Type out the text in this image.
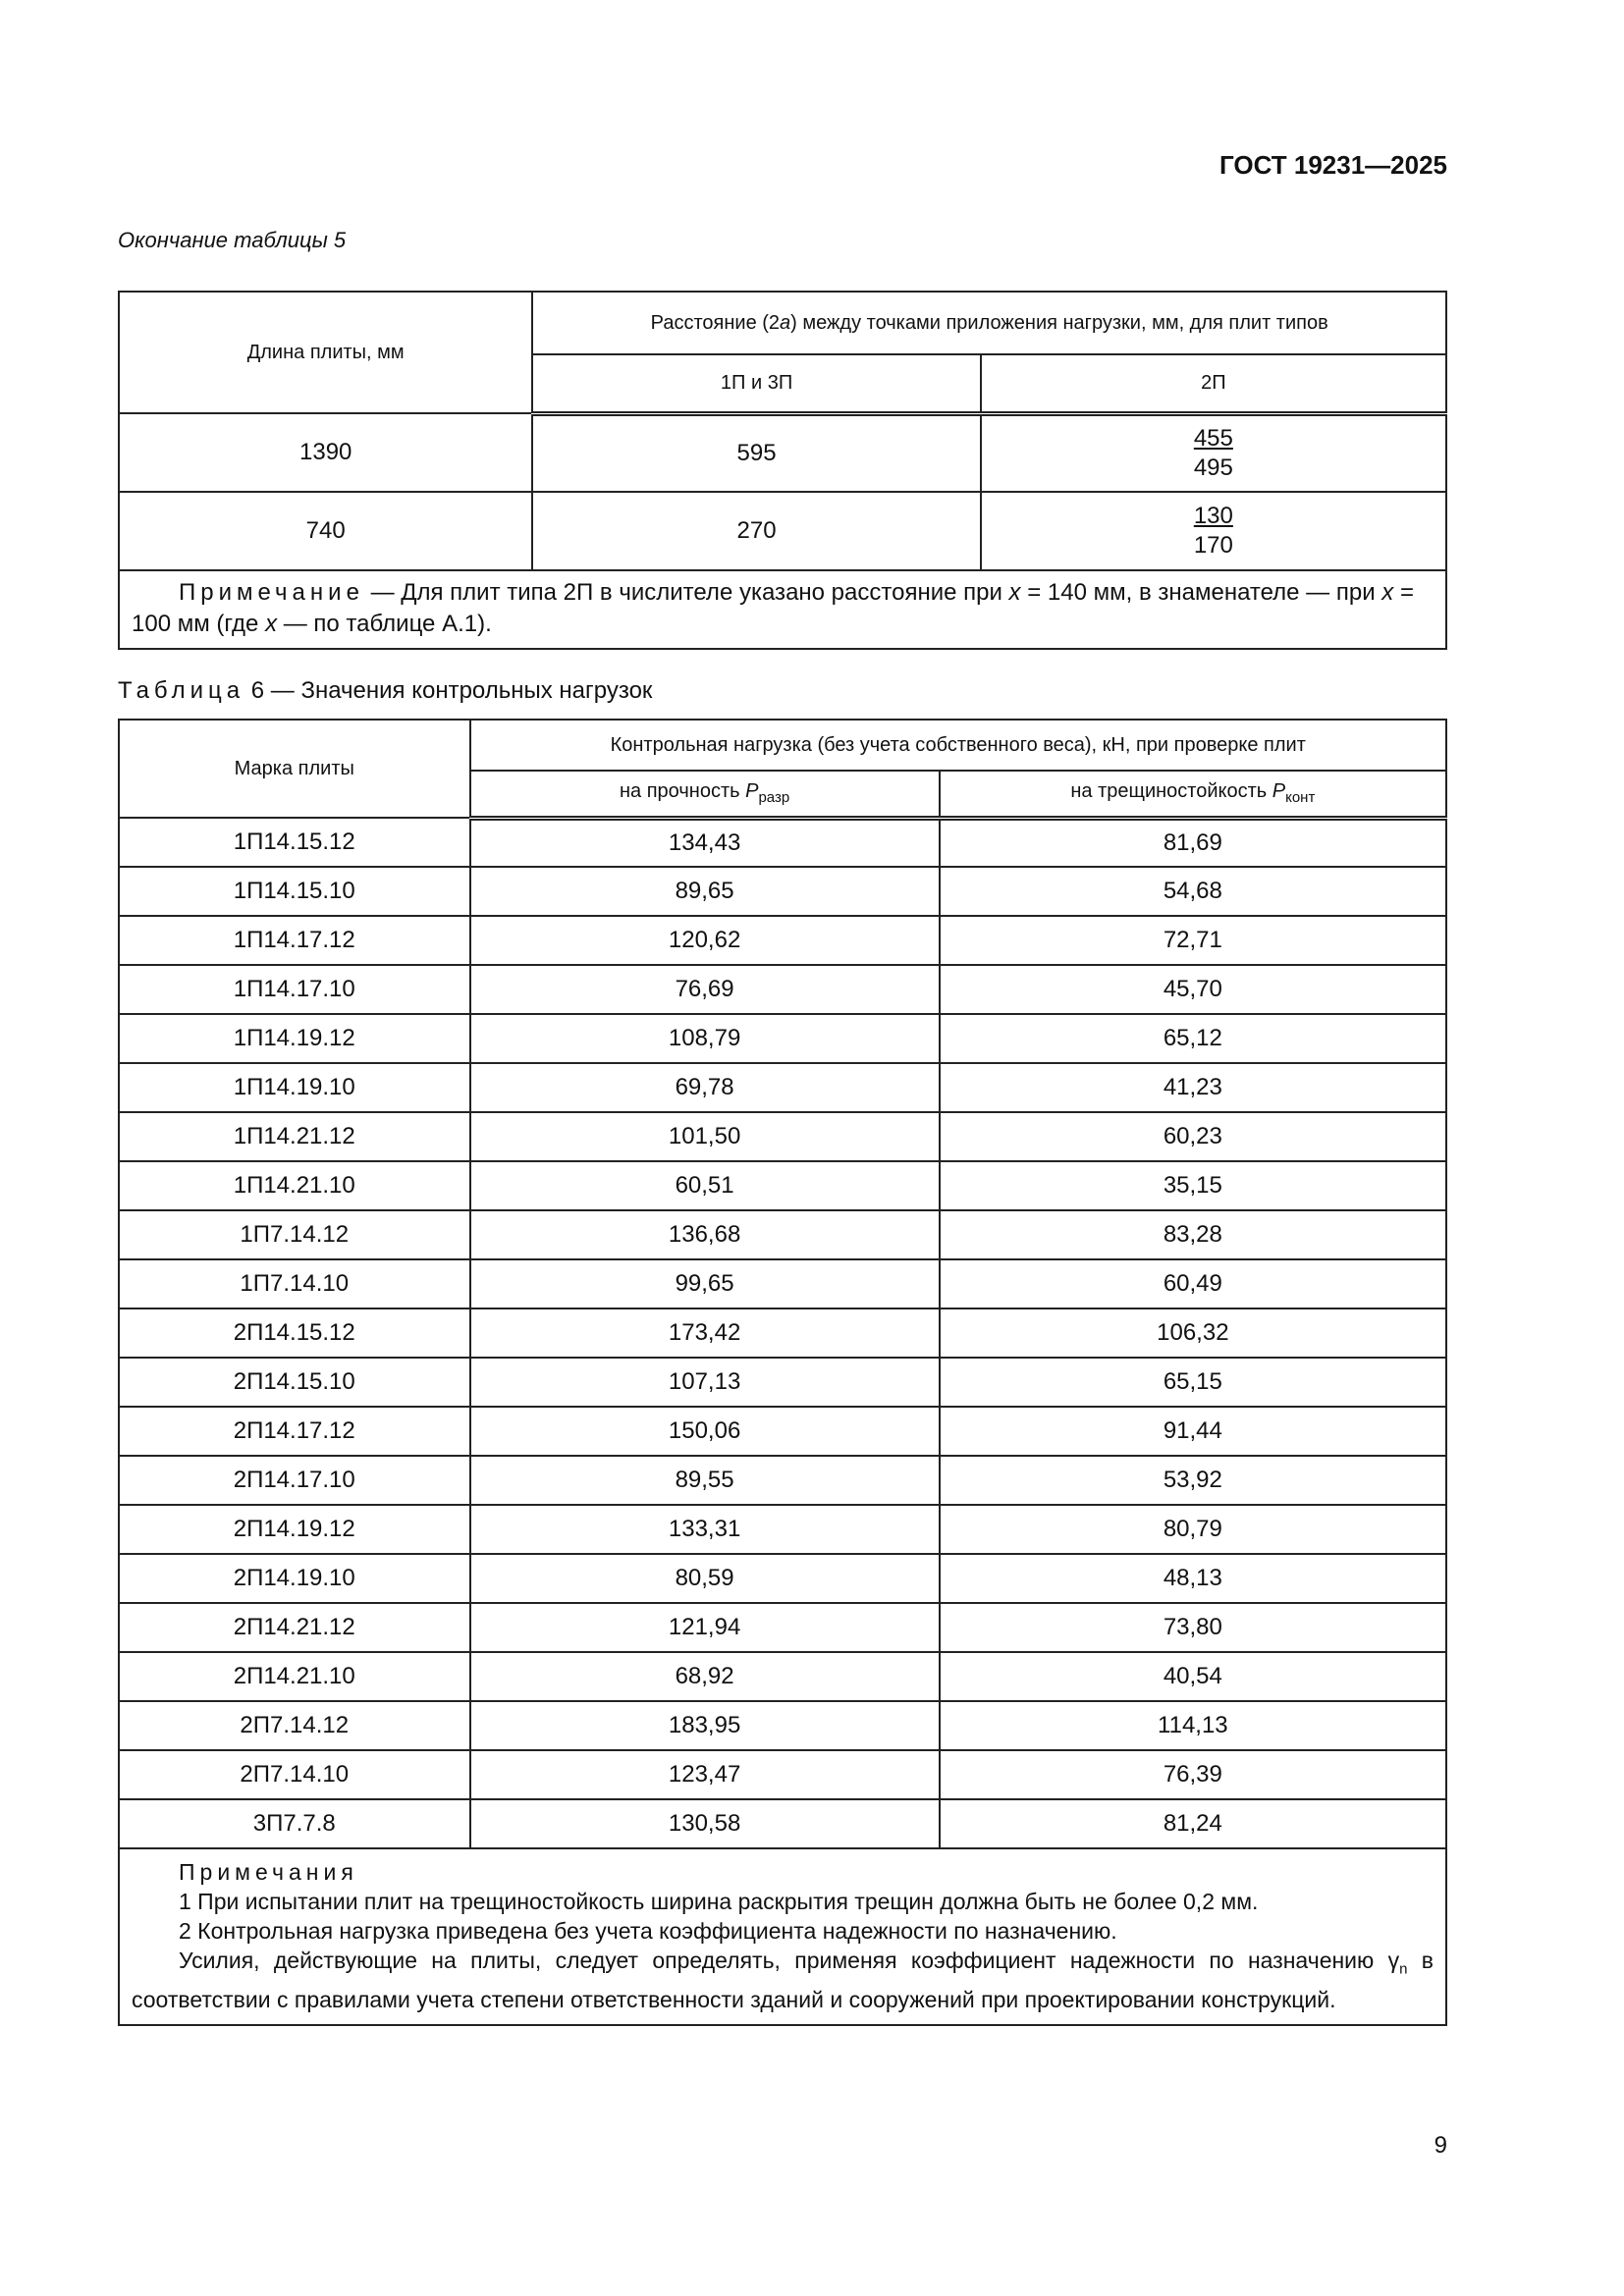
ГОСТ 19231—2025
Окончание таблицы 5
Длина плиты, мм	Расстояние (2a) между точками приложения нагрузки, мм, для плит типов	
	1П и 3П	2П
1390	595	$\frac{455}{495}$
740	270	$\frac{130}{170}$
Примечание — Для плит типа 2П в числителе указано расстояние при x = 140 мм, в знаменателе — при x = 100 мм (где x — по таблице А.1).		
Таблица 6 — Значения контрольных нагрузок
Марка плиты	Контрольная нагрузка (без учета собственного веса), кН, при проверке плит	
	на прочность $P_{разр}$	на трещиностойкость $P_{конт}$
1П14.15.12	134,43	81,69
1П14.15.10	89,65	54,68
1П14.17.12	120,62	72,71
1П14.17.10	76,69	45,70
1П14.19.12	108,79	65,12
1П14.19.10	69,78	41,23
1П14.21.12	101,50	60,23
1П14.21.10	60,51	35,15
1П7.14.12	136,68	83,28
1П7.14.10	99,65	60,49
2П14.15.12	173,42	106,32
2П14.15.10	107,13	65,15
2П14.17.12	150,06	91,44
2П14.17.10	89,55	53,92
2П14.19.12	133,31	80,79
2П14.19.10	80,59	48,13
2П14.21.12	121,94	73,80
2П14.21.10	68,92	40,54
2П7.14.12	183,95	114,13
2П7.14.10	123,47	76,39
3П7.7.8	130,58	81,24

Примечания
1 При испытании плит на трещиностойкость ширина раскрытия трещин должна быть не более 0,2 мм.
2 Контрольная нагрузка приведена без учета коэффициента надежности по назначению.
Усилия, действующие на плиты, следует определять, применяя коэффициент надежности по назначению $\gamma_n$ в соответствии с правилами учета степени ответственности зданий и сооружений при проектировании конструкций.		
9
